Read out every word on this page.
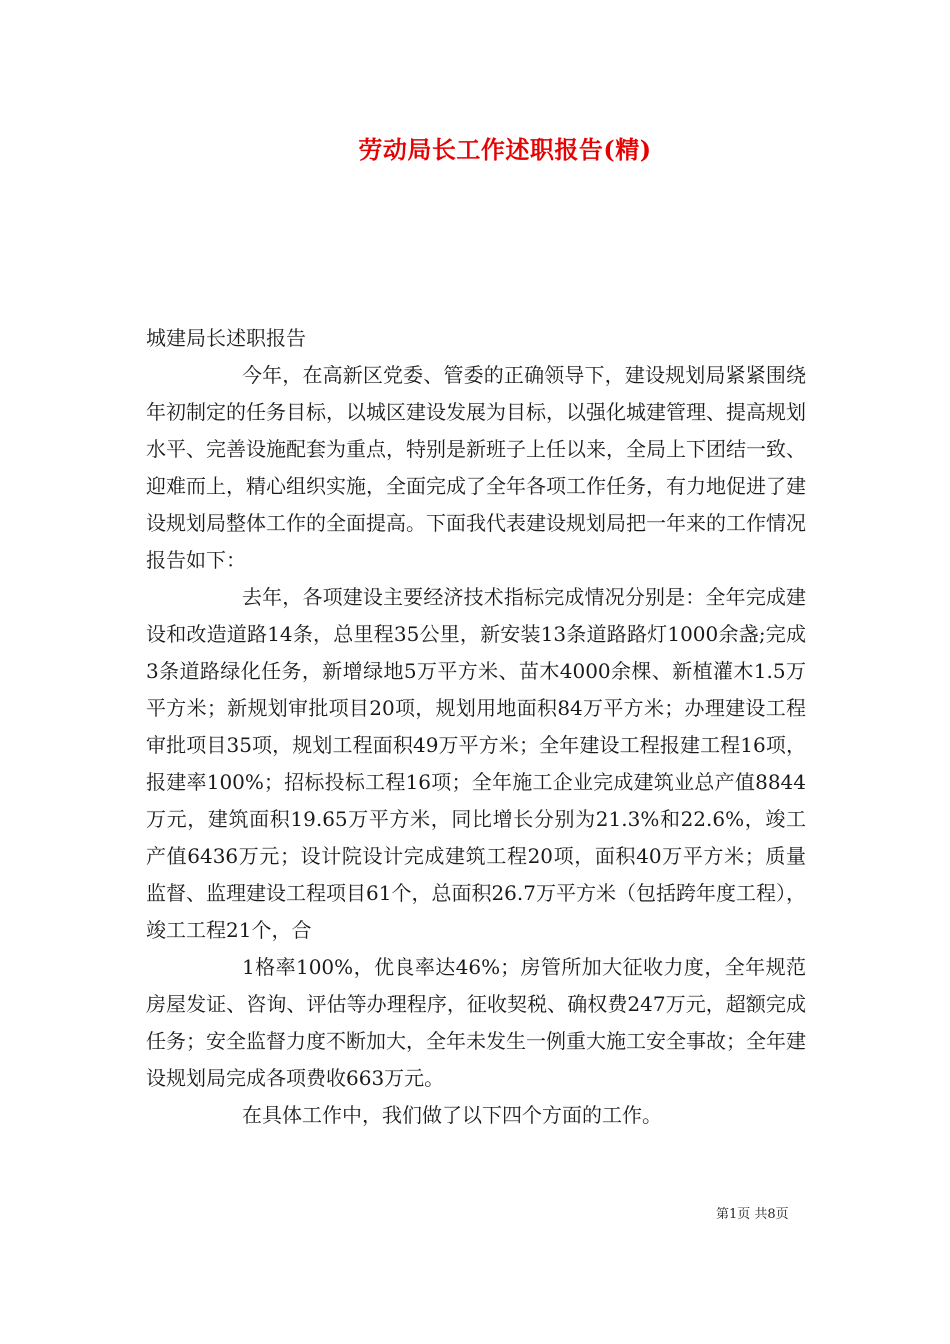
劳动局长工作述职报告(精)

城建局长述职报告

今年，在高新区党委、管委的正确领导下，建设规划局紧紧围绕年初制定的任务目标，以城区建设发展为目标，以强化城建管理、提高规划水平、完善设施配套为重点，特别是新班子上任以来，全局上下团结一致、迎难而上，精心组织实施，全面完成了全年各项工作任务，有力地促进了建设规划局整体工作的全面提高。下面我代表建设规划局把一年来的工作情况报告如下：

去年，各项建设主要经济技术指标完成情况分别是：全年完成建设和改造道路14条，总里程35公里，新安装13条道路路灯1000余盏;完成3条道路绿化任务，新增绿地5万平方米、苗木4000余棵、新植灌木1.5万平方米；新规划审批项目20项，规划用地面积84万平方米；办理建设工程审批项目35项，规划工程面积49万平方米；全年建设工程报建工程16项，报建率100%；招标投标工程16项；全年施工企业完成建筑业总产值8844万元，建筑面积19.65万平方米，同比增长分别为21.3%和22.6%，竣工产值6436万元；设计院设计完成建筑工程20项，面积40万平方米；质量监督、监理建设工程项目61个，总面积26.7万平方米（包括跨年度工程），竣工工程21个，合

1格率100%，优良率达46%；房管所加大征收力度，全年规范房屋发证、咨询、评估等办理程序，征收契税、确权费247万元，超额完成任务；安全监督力度不断加大，全年未发生一例重大施工安全事故；全年建设规划局完成各项费收663万元。

在具体工作中，我们做了以下四个方面的工作。

第1页 共8页
